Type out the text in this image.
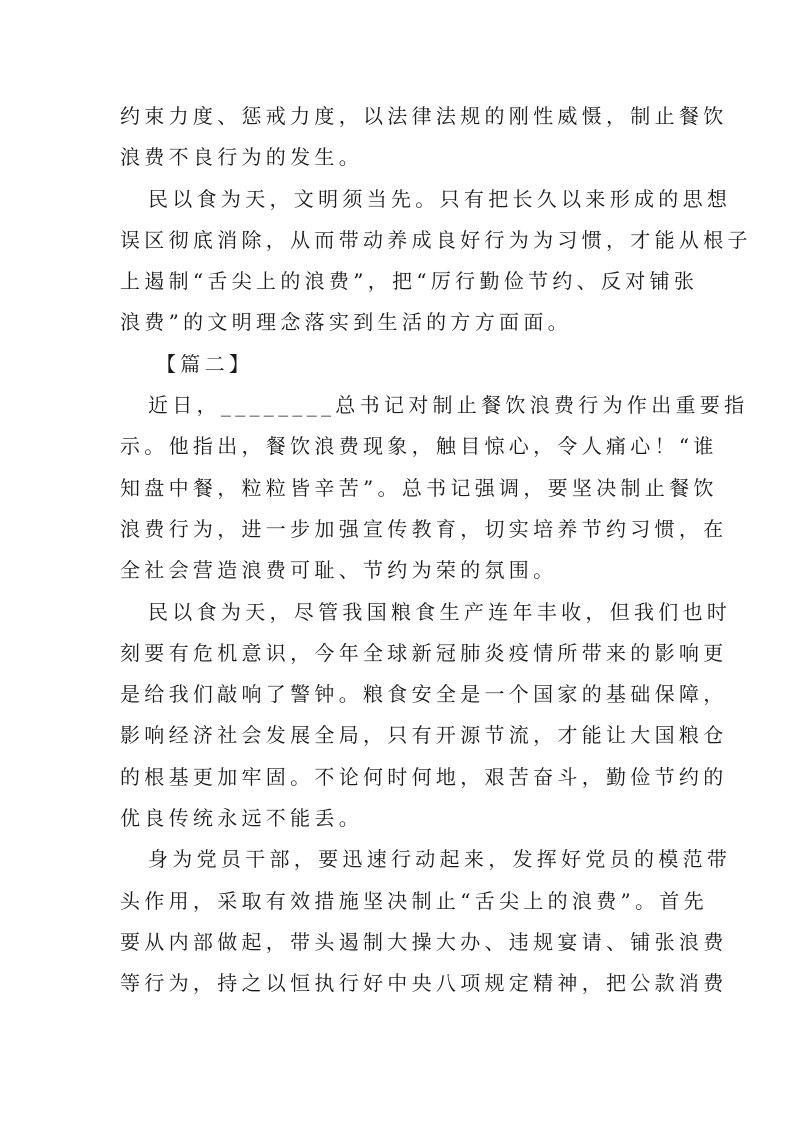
约束力度、惩戒力度，以法律法规的刚性威慑，制止餐饮
浪费不良行为的发生。
民以食为天，文明须当先。只有把长久以来形成的思想
误区彻底消除，从而带动养成良好行为为习惯，才能从根子
上遏制“舌尖上的浪费”，把“厉行勤俭节约、反对铺张
浪费”的文明理念落实到生活的方方面面。
【篇二】
近日，________总书记对制止餐饮浪费行为作出重要指
示。他指出，餐饮浪费现象，触目惊心，令人痛心！“谁
知盘中餐，粒粒皆辛苦”。总书记强调，要坚决制止餐饮
浪费行为，进一步加强宣传教育，切实培养节约习惯，在
全社会营造浪费可耻、节约为荣的氛围。
民以食为天，尽管我国粮食生产连年丰收，但我们也时
刻要有危机意识，今年全球新冠肺炎疫情所带来的影响更
是给我们敲响了警钟。粮食安全是一个国家的基础保障，
影响经济社会发展全局，只有开源节流，才能让大国粮仓
的根基更加牢固。不论何时何地，艰苦奋斗，勤俭节约的
优良传统永远不能丢。
身为党员干部，要迅速行动起来，发挥好党员的模范带
头作用，采取有效措施坚决制止“舌尖上的浪费”。首先
要从内部做起，带头遏制大操大办、违规宴请、铺张浪费
等行为，持之以恒执行好中央八项规定精神，把公款消费
